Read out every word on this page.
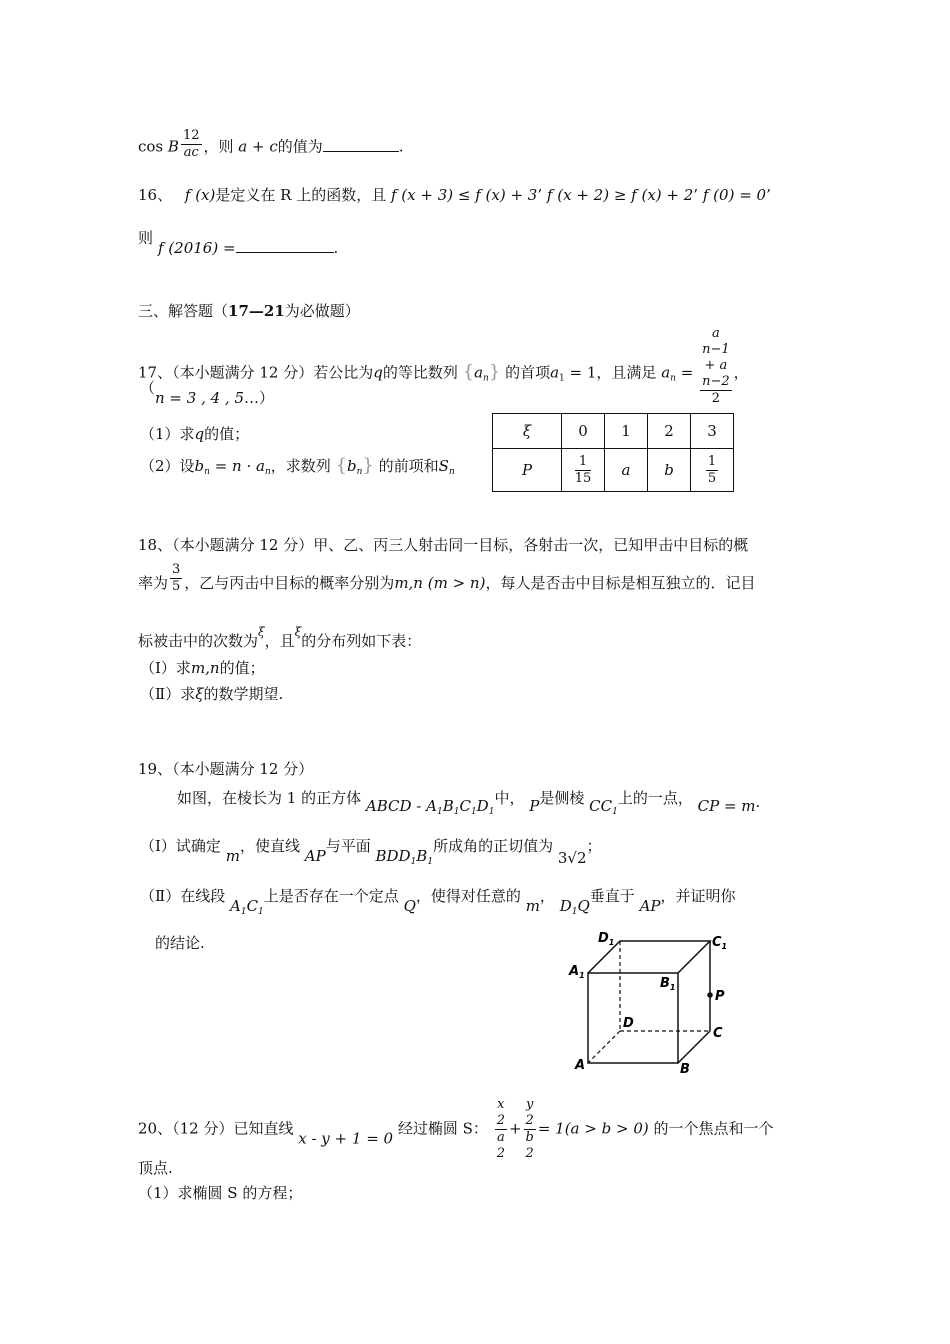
cos B $\frac{12}{ac}$ ，则 a + c的值为	.
16、 f (x)是定义在 R 上的函数，且 f (x + 3) ≤ f (x) + 3’ f (x + 2) ≥ f (x) + 2’ f (0) = 0’
则
f (2016) =	.
三、解答题（17—21为必做题）
17、（本小题满分 12 分）若公比为q的等比数列 $\{a_n\}$ 的首项$a_1 = 1$，且满足 $a_n = a$
n−1
+ a
n−2
2 ，
（
n = 3 , 4 , 5…）
（1）求q的值；
（2）设$b_n = n \cdot a_n$，求数列 $\{b_n\}$ 的前项和$S_n$
ξ	0	1	2	3
P	$\frac{1}{15}$	a	b	$\frac{1}{5}$
18、（本小题满分 12 分）甲、乙、丙三人射击同一目标，各射击一次，已知甲击中目标的概
率为 $\frac{3}{5}$ ，乙与丙击中目标的概率分别为m,n (m > n)，每人是否击中目标是相互独立的．记目
标被击中的次数为$^\xi$，且$^\xi$的分布列如下表：
（Ⅰ）求m,n的值；
（Ⅱ）求ξ的数学期望.
19、（本小题满分 12 分）
如图，在棱长为 1 的正方体 ABCD - $A_1B_1C_1D_1$中， P是侧棱 $CC_1$上的一点， CP = m·
（Ⅰ）试确定 m，使直线 AP与平面 $BDD_1B_1$所成角的正切值为 3√2；
（Ⅱ）在线段 $A_1C_1$上是否存在一个定点 Q，使得对任意的 m， $D_1Q$垂直于 AP，并证明你
的结论.	$D_1$	$C_1$
$A_1$
$B_1$
P
D
C
A	B
20、（12 分）已知直线 x - y + 1 = 0 经过椭圆 S： x
2
a
2 + y
2
b
2 = 1(a > b > 0) 的一个焦点和一个
顶点.
（1）求椭圆 S 的方程；
